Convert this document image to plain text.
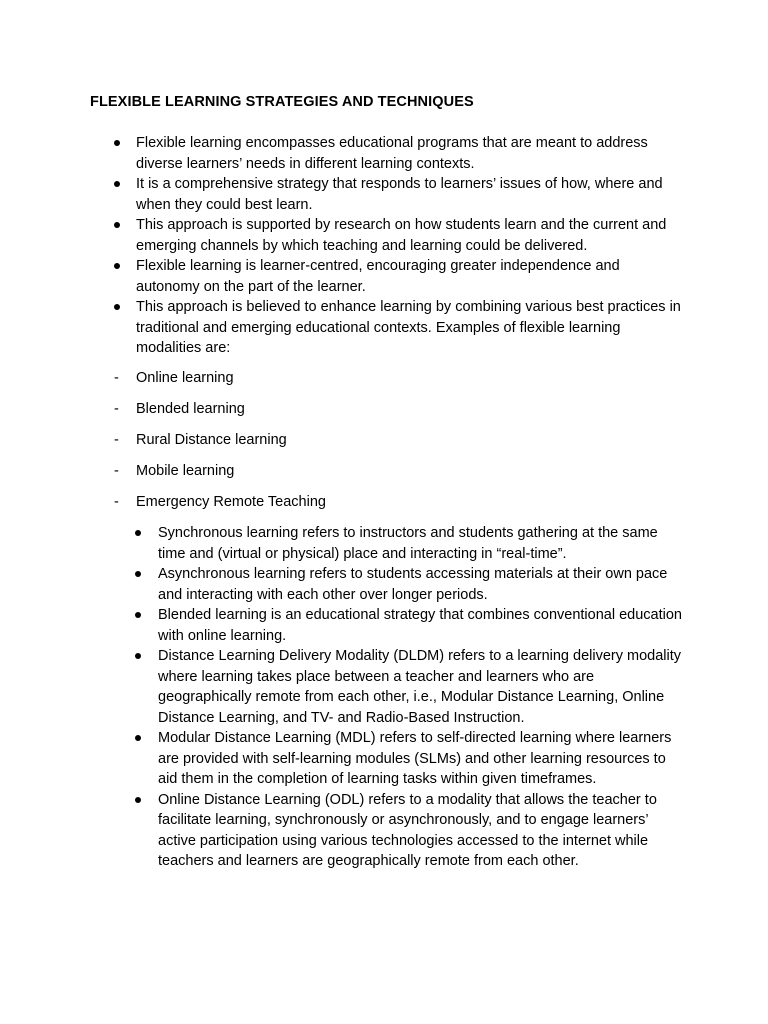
FLEXIBLE LEARNING STRATEGIES AND TECHNIQUES
Flexible learning encompasses educational programs that are meant to address diverse learners’ needs in different learning contexts.
It is a comprehensive strategy that responds to learners’ issues of how, where and when they could best learn.
This approach is supported by research on how students learn and the current and emerging channels by which teaching and learning could be delivered.
Flexible learning is learner-centred, encouraging greater independence and autonomy on the part of the learner.
This approach is believed to enhance learning by combining various best practices in traditional and emerging educational contexts. Examples of flexible learning modalities are:
- Online learning
- Blended learning
- Rural Distance learning
- Mobile learning
- Emergency Remote Teaching
Synchronous learning refers to instructors and students gathering at the same time and (virtual or physical) place and interacting in “real-time”.
Asynchronous learning refers to students accessing materials at their own pace and interacting with each other over longer periods.
Blended learning is an educational strategy that combines conventional education with online learning.
Distance Learning Delivery Modality (DLDM) refers to a learning delivery modality where learning takes place between a teacher and learners who are geographically remote from each other, i.e., Modular Distance Learning, Online Distance Learning, and TV- and Radio-Based Instruction.
Modular Distance Learning (MDL) refers to self-directed learning where learners are provided with self-learning modules (SLMs) and other learning resources to aid them in the completion of learning tasks within given timeframes.
Online Distance Learning (ODL) refers to a modality that allows the teacher to facilitate learning, synchronously or asynchronously, and to engage learners’ active participation using various technologies accessed to the internet while teachers and learners are geographically remote from each other.
